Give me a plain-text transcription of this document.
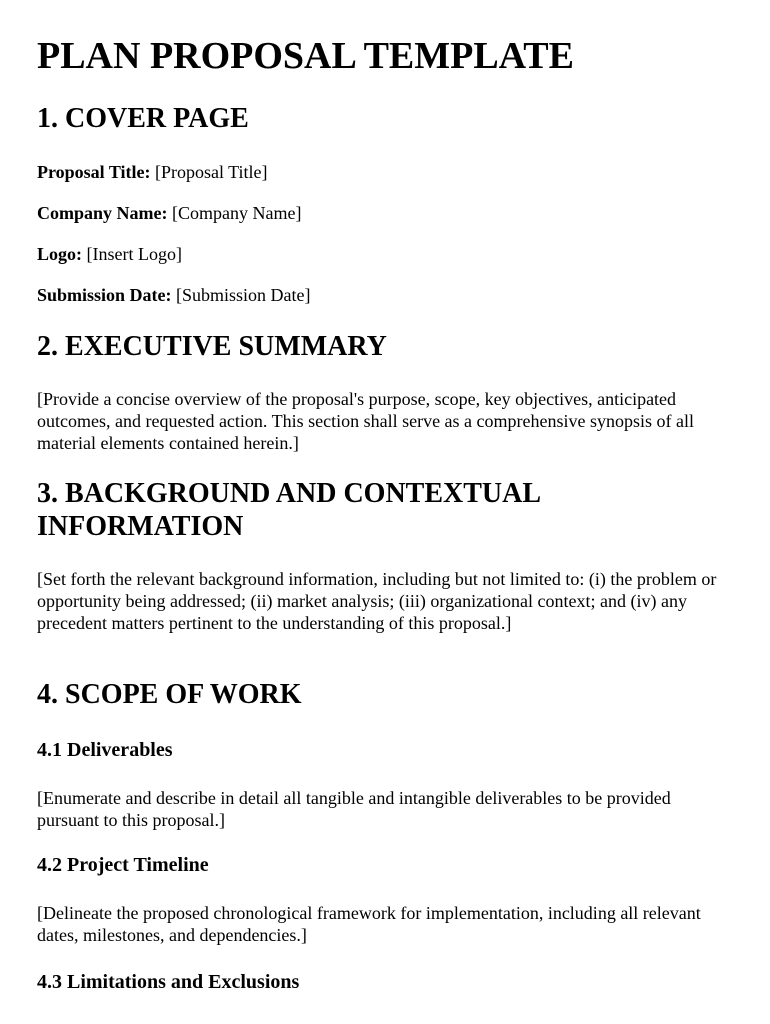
PLAN PROPOSAL TEMPLATE
1. COVER PAGE

Proposal Title: [Proposal Title]

Company Name: [Company Name]

Logo: [Insert Logo]

Submission Date: [Submission Date]

2. EXECUTIVE SUMMARY

[Provide a concise overview of the proposal's purpose, scope, key objectives, anticipated outcomes, and requested action. This section shall serve as a comprehensive synopsis of all material elements contained herein.]

3. BACKGROUND AND CONTEXTUAL INFORMATION

[Set forth the relevant background information, including but not limited to: (i) the problem or opportunity being addressed; (ii) market analysis; (iii) organizational context; and (iv) any precedent matters pertinent to the understanding of this proposal.]

4. SCOPE OF WORK
4.1 Deliverables

[Enumerate and describe in detail all tangible and intangible deliverables to be provided pursuant to this proposal.]

4.2 Project Timeline

[Delineate the proposed chronological framework for implementation, including all relevant dates, milestones, and dependencies.]

4.3 Limitations and Exclusions
